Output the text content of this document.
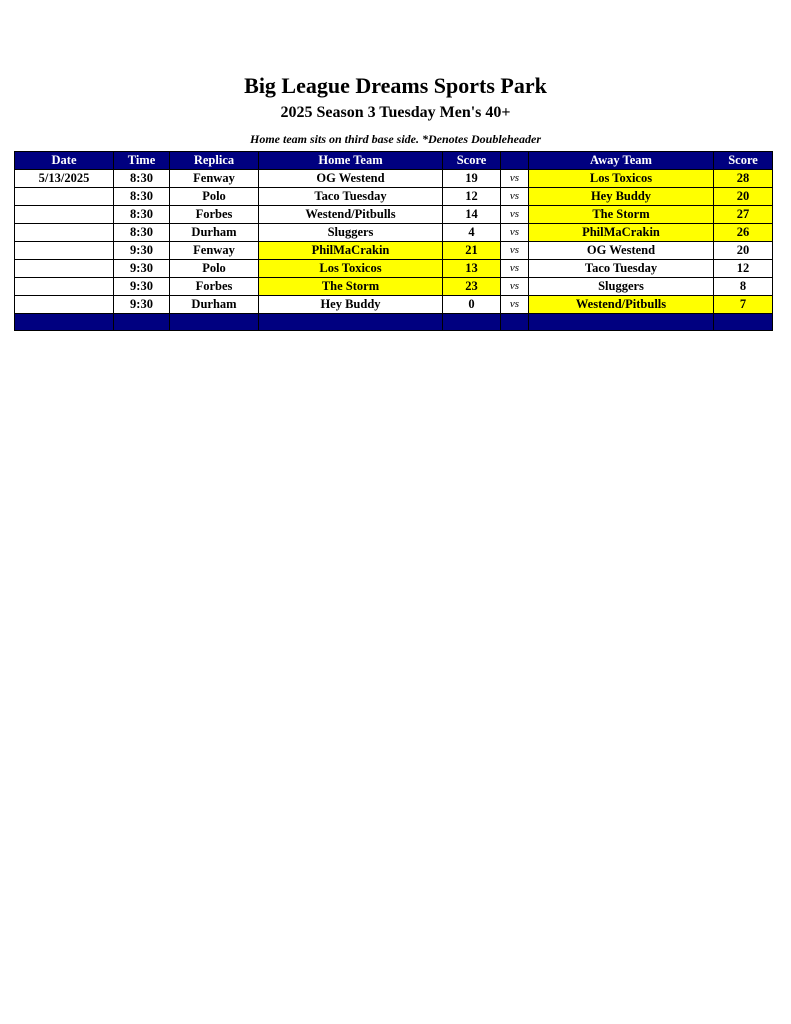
Big League Dreams Sports Park
2025 Season 3 Tuesday Men's 40+
Home team sits on third base side. *Denotes Doubleheader
Date	Time	Replica	Home Team	Score		Away Team	Score
5/13/2025	8:30	Fenway	OG Westend	19	vs	Los Toxicos	28
	8:30	Polo	Taco Tuesday	12	vs	Hey Buddy	20
	8:30	Forbes	Westend/Pitbulls	14	vs	The Storm	27
	8:30	Durham	Sluggers	4	vs	PhilMaCrakin	26
	9:30	Fenway	PhilMaCrakin	21	vs	OG Westend	20
	9:30	Polo	Los Toxicos	13	vs	Taco Tuesday	12
	9:30	Forbes	The Storm	23	vs	Sluggers	8
	9:30	Durham	Hey Buddy	0	vs	Westend/Pitbulls	7
